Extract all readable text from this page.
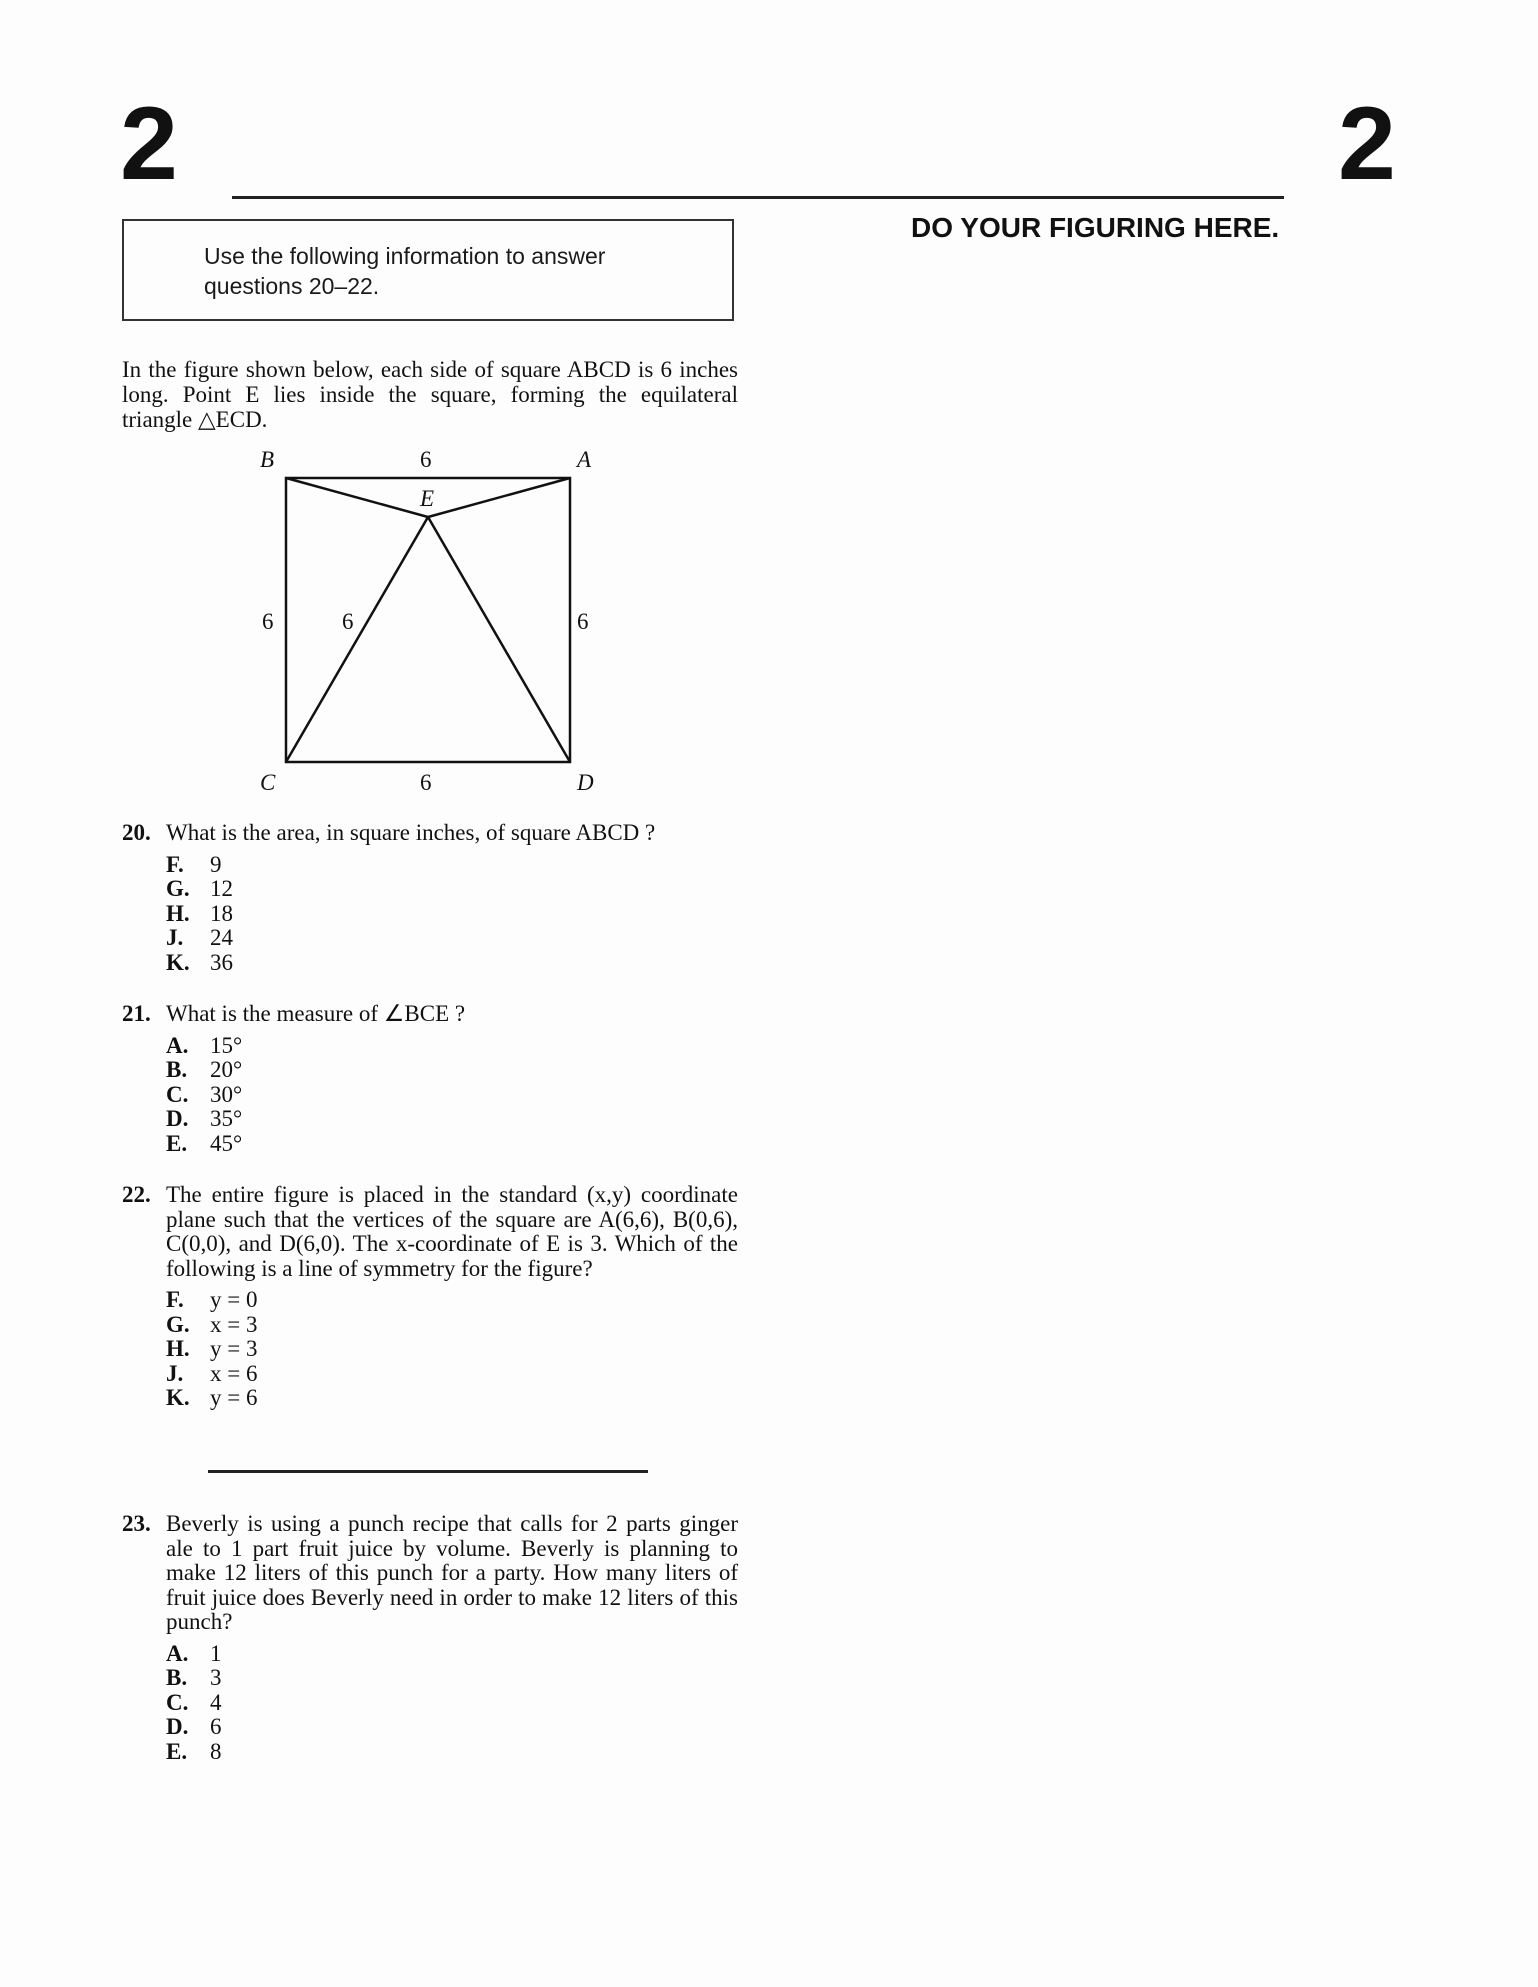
2	2
DO YOUR FIGURING HERE.
Use the following information to answer questions 20–22.
In the figure shown below, each side of square ABCD is 6 inches long. Point E lies inside the square, forming the equilateral triangle △ECD.
B	A
C	D
E
6
6
6	6
6
20. What is the area, in square inches, of square ABCD ?
F.	9
G. 12
H. 18
J.	24
K. 36
21. What is the measure of ∠BCE ?
A. 15°
B. 20°
C. 30°
D. 35°
E. 45°
22. The entire figure is placed in the standard (x,y) coordinate plane such that the vertices of the square are A(6,6), B(0,6), C(0,0), and D(6,0). The x-coordinate of E is 3. Which of the following is a line of symmetry for the figure?
F.	y = 0
G. x = 3
H. y = 3
J.	x = 6
K. y = 6
23. Beverly is using a punch recipe that calls for 2 parts ginger ale to 1 part fruit juice by volume. Beverly is planning to make 12 liters of this punch for a party. How many liters of fruit juice does Beverly need in order to make 12 liters of this punch?
A. 1
B. 3
C. 4
D. 6
E. 8
